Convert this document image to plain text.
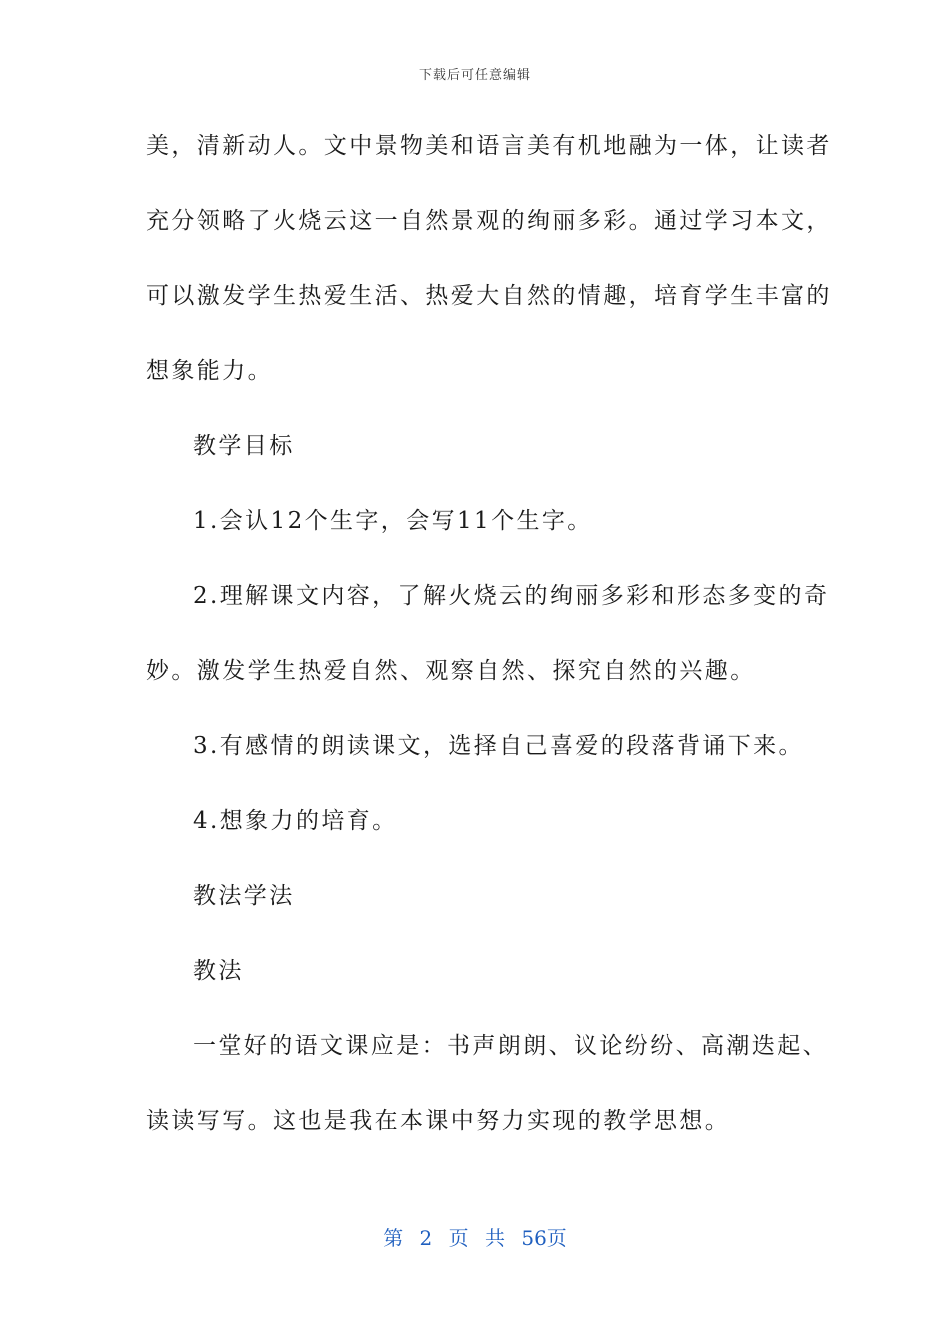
下载后可任意编辑
美，清新动人。文中景物美和语言美有机地融为一体，让读者
充分领略了火烧云这一自然景观的绚丽多彩。通过学习本文，
可以激发学生热爱生活、热爱大自然的情趣，培育学生丰富的
想象能力。
教学目标
1.会认12个生字，会写11个生字。
2.理解课文内容，了解火烧云的绚丽多彩和形态多变的奇
妙。激发学生热爱自然、观察自然、探究自然的兴趣。
3.有感情的朗读课文，选择自己喜爱的段落背诵下来。
4.想象力的培育。
教法学法
教法
一堂好的语文课应是：书声朗朗、议论纷纷、高潮迭起、
读读写写。这也是我在本课中努力实现的教学思想。
第 2 页 共 56页
